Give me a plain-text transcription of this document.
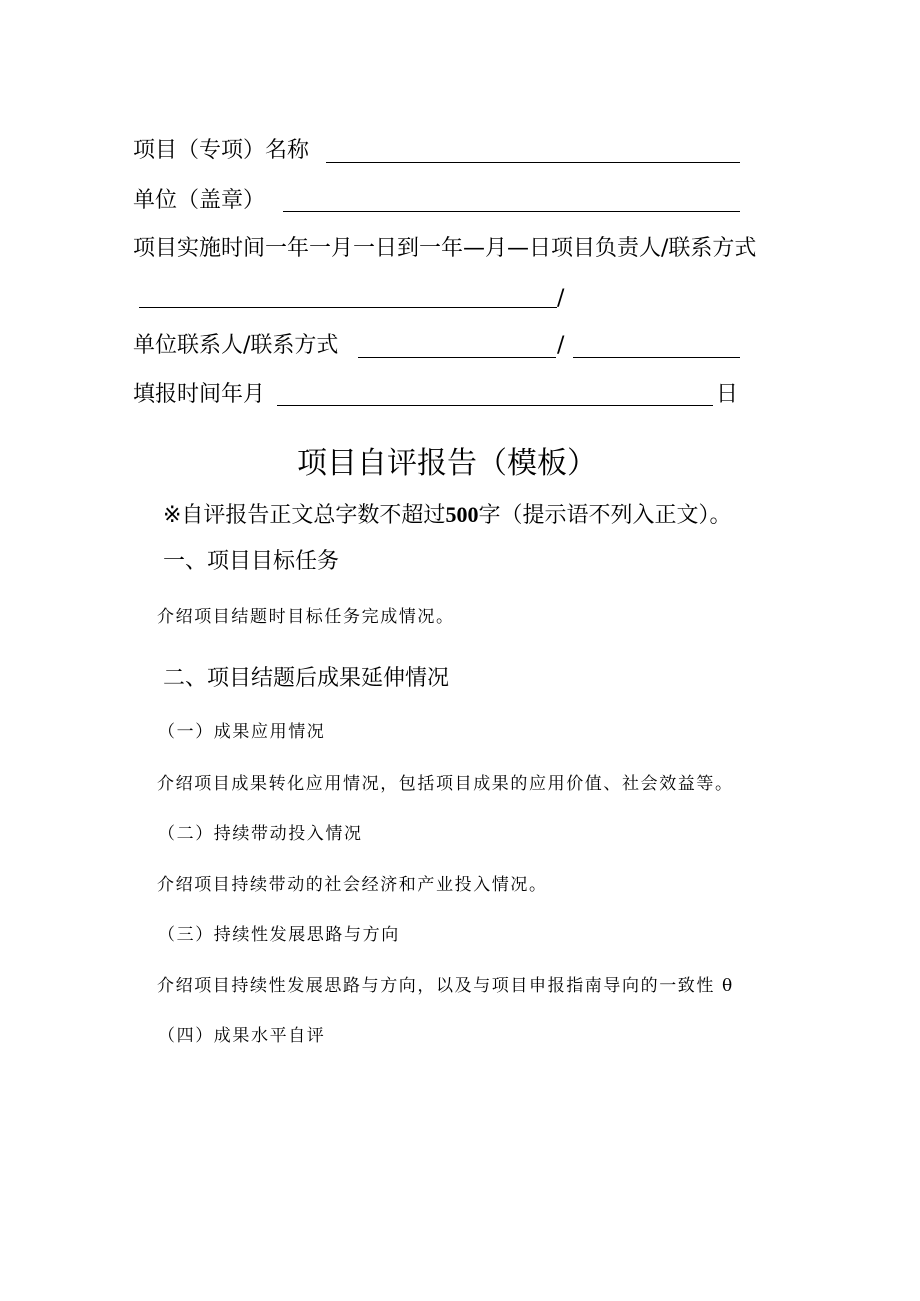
项目（专项）名称
单位（盖章）
项目实施时间一年一月一日到一年—月—日项目负责人/联系方式
/
单位联系人/联系方式	/
填报时间年月	日
项目自评报告（模板）
※自评报告正文总字数不超过500字（提示语不列入正文）。
一、项目目标任务
介绍项目结题时目标任务完成情况。
二、项目结题后成果延伸情况
（一）成果应用情况
介绍项目成果转化应用情况，包括项目成果的应用价值、社会效益等。
（二）持续带动投入情况
介绍项目持续带动的社会经济和产业投入情况。
（三）持续性发展思路与方向
介绍项目持续性发展思路与方向，以及与项目申报指南导向的一致性 θ
（四）成果水平自评
